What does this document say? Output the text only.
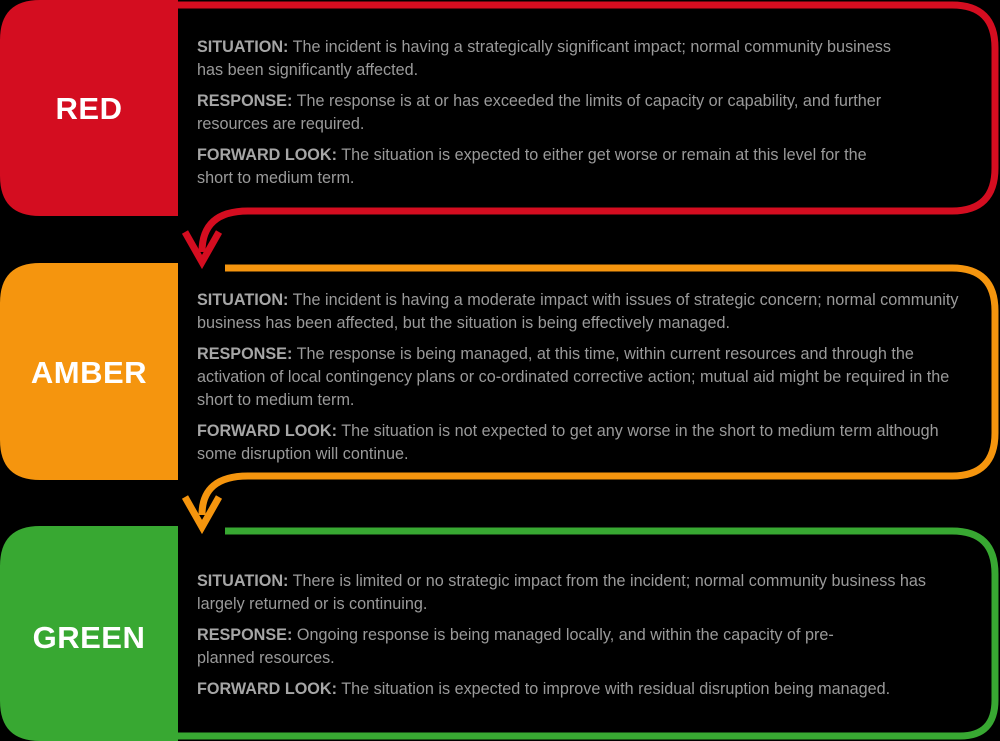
RED
AMBER
GREEN

SITUATION: The incident is having a strategically significant impact; normal community business has been significantly affected.

RESPONSE: The response is at or has exceeded the limits of capacity or capability, and further resources are required.

FORWARD LOOK: The situation is expected to either get worse or remain at this level for the short to medium term.

SITUATION: The incident is having a moderate impact with issues of strategic concern; normal community business has been affected, but the situation is being effectively managed.

RESPONSE: The response is being managed, at this time, within current resources and through the activation of local contingency plans or co-ordinated corrective action; mutual aid might be required in the short to medium term.

FORWARD LOOK: The situation is not expected to get any worse in the short to medium term although some disruption will continue.

SITUATION: There is limited or no strategic impact from the incident; normal community business has largely returned or is continuing.

RESPONSE: Ongoing response is being managed locally, and within the capacity of pre-planned resources.

FORWARD LOOK: The situation is expected to improve with residual disruption being managed.
